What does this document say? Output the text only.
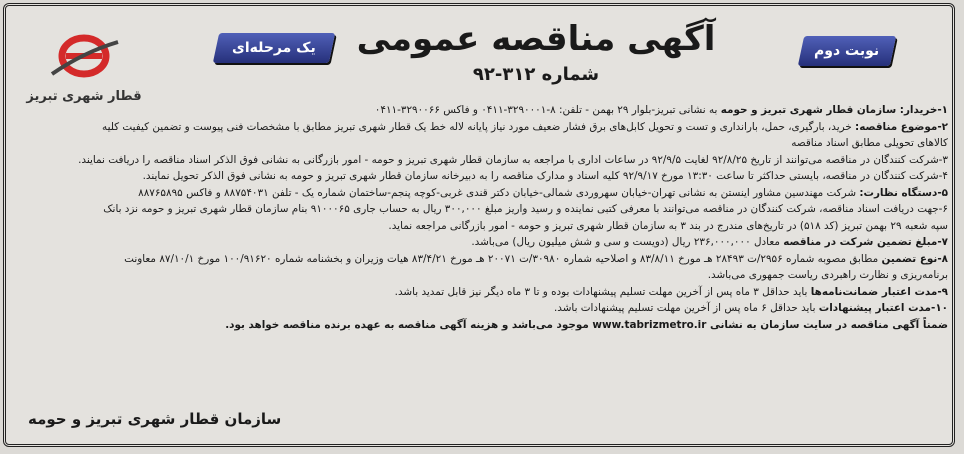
قطار شهری تبریز
یک مرحله‌ای	نوبت دوم
آگهی مناقصه عمومی
شماره ۳۱۲-۹۲

۱-خریدار: سازمان قطار شهری تبریز و حومه به نشانی تبریز-بلوار ۲۹ بهمن - تلفن: ۸-۳۲۹۰۰۰۱-۰۴۱۱ و فاکس ۳۲۹۰۰۶۶-۰۴۱۱

۲-موضوع مناقصه: خرید، بارگیری، حمل، بارانداری و تست و تحویل کابل‌های برق فشار ضعیف مورد نیاز پایانه لاله خط یک قطار شهری تبریز مطابق با مشخصات فنی پیوست و تضمین کیفیت کلیه

کالاهای تحویلی مطابق اسناد مناقصه

۳-شرکت کنندگان در مناقصه می‌توانند از تاریخ ۹۲/۸/۲۵ لغایت ۹۲/۹/۵ در ساعات اداری با مراجعه به سازمان قطار شهری تبریز و حومه - امور بازرگانی به نشانی فوق الذکر اسناد مناقصه را دریافت نمایند.

۴-شرکت کنندگان در مناقصه، بایستی حداکثر تا ساعت ۱۳:۳۰ مورخ ۹۲/۹/۱۷ کلیه اسناد و مدارک مناقصه را به دبیرخانه سازمان قطار شهری تبریز و حومه به نشانی فوق الذکر تحویل نمایند.

۵-دستگاه نظارت: شرکت مهندسین مشاور اینستن به نشانی تهران-خیابان سهروردی شمالی-خیابان دکتر قندی غربی-کوچه پنجم-ساختمان شماره یک - تلفن ۸۸۷۵۴۰۳۱ و فاکس ۸۸۷۶۵۸۹۵

۶-جهت دریافت اسناد مناقصه، شرکت کنندگان در مناقصه می‌توانند با معرفی کتبی نماینده و رسید واریز مبلغ ۳۰۰,۰۰۰ ریال به حساب جاری ۹۱۰۰۰۶۵ بنام سازمان قطار شهری تبریز و حومه نزد بانک

سپه شعبه ۲۹ بهمن تبریز (کد ۵۱۸) در تاریخ‌های مندرج در بند ۳ به سازمان قطار شهری تبریز و حومه - امور بازرگانی مراجعه نماید.

۷-مبلغ تضمین شرکت در مناقصه معادل ۲۳۶,۰۰۰,۰۰۰ ریال (دویست و سی و شش میلیون ریال) می‌باشد.

۸-نوع تضمین مطابق مصوبه شماره ۲۹۵۶/ت ۲۸۴۹۳ هـ مورخ ۸۳/۸/۱۱ و اصلاحیه شماره ۳۰۹۸۰/ت ۲۰۰۷۱ هـ مورخ ۸۳/۴/۲۱ هیات وزیران و بخشنامه شماره ۱۰۰/۹۱۶۲۰ مورخ ۸۷/۱۰/۱ معاونت

برنامه‌ریزی و نظارت راهبردی ریاست جمهوری می‌باشد.

۹-مدت اعتبار ضمانت‌نامه‌ها باید حداقل ۳ ماه پس از آخرین مهلت تسلیم پیشنهادات بوده و تا ۳ ماه دیگر نیز قابل تمدید باشد.

۱۰-مدت اعتبار پیشنهادات باید حداقل ۶ ماه پس از آخرین مهلت تسلیم پیشنهادات باشد.

ضمناً آگهی مناقصه در سایت سازمان به نشانی www.tabrizmetro.ir موجود می‌باشد و هزینه آگهی مناقصه به عهده برنده مناقصه خواهد بود.

سازمان قطار شهری تبریز و حومه
